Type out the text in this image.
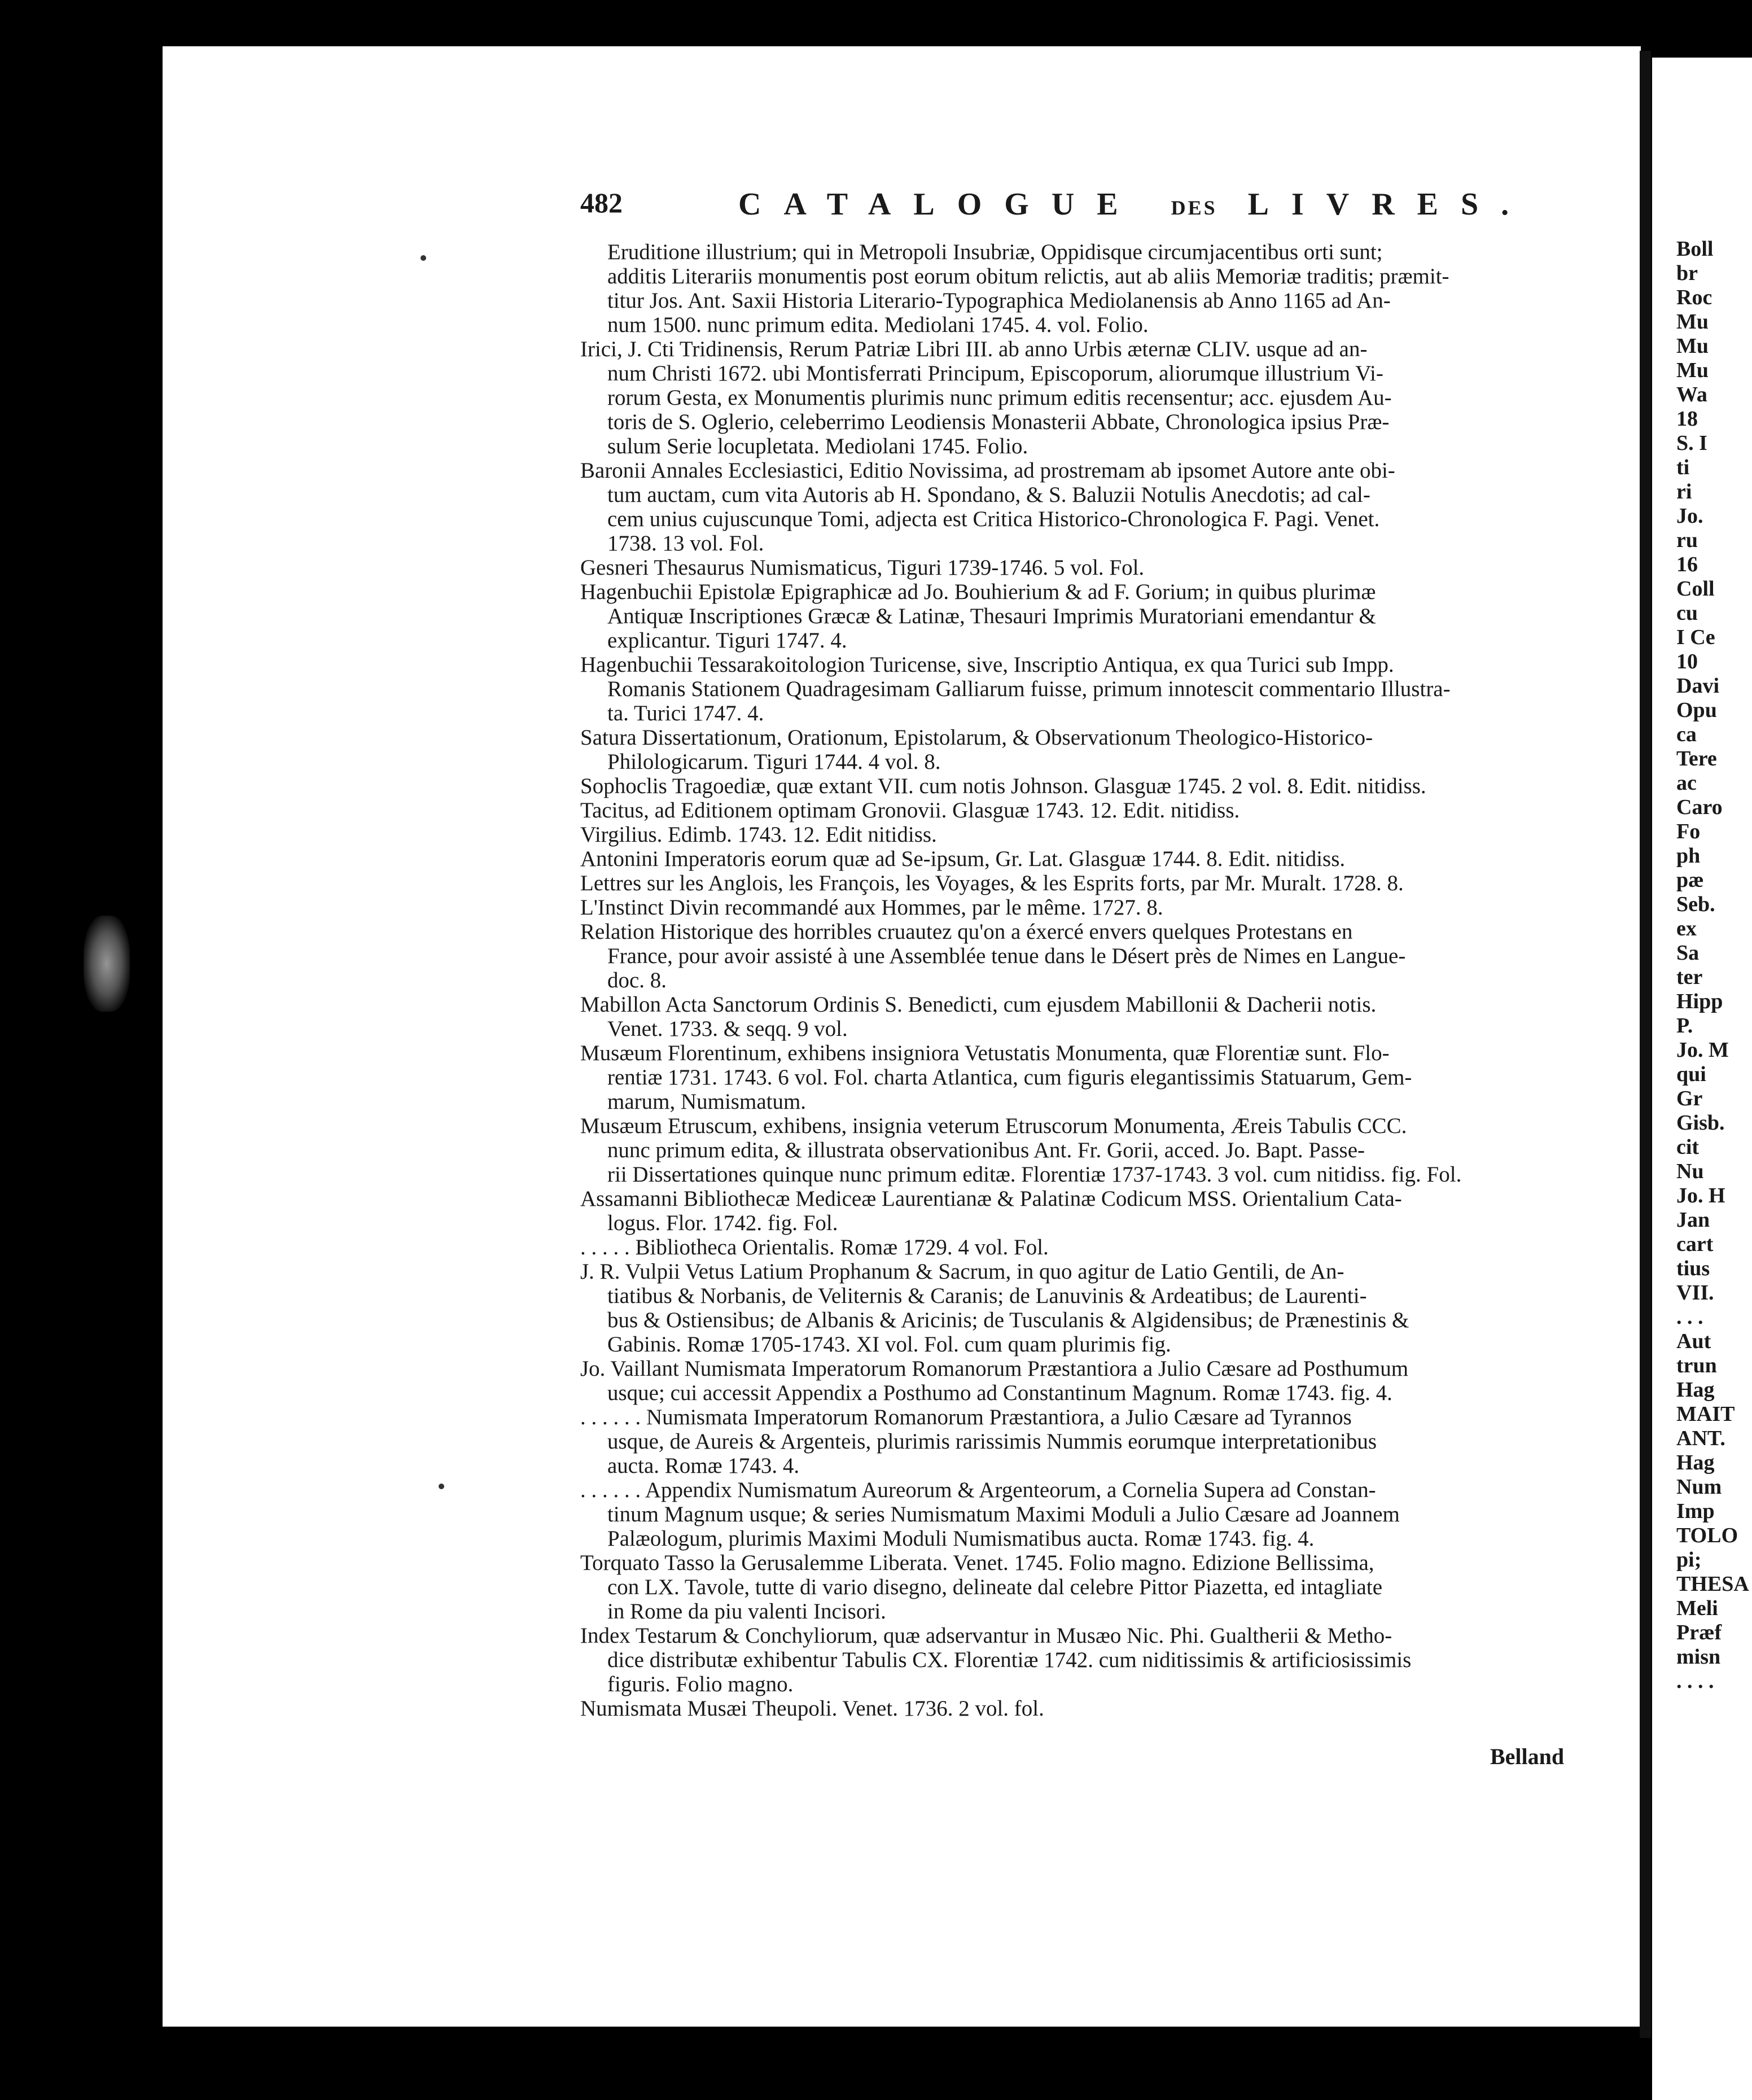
482	CATALOGUE DES LIVRES.
Eruditione illustrium; qui in Metropoli Insubriæ, Oppidisque circumjacentibus orti sunt;
additis Literariis monumentis post eorum obitum relictis, aut ab aliis Memoriæ traditis; præmit-
titur Jos. Ant. Saxii Historia Literario-Typographica Mediolanensis ab Anno 1165 ad An-
num 1500. nunc primum edita. Mediolani 1745. 4. vol. Folio.
Irici, J. Cti Tridinensis, Rerum Patriæ Libri III. ab anno Urbis æternæ CLIV. usque ad an-
num Christi 1672. ubi Montisferrati Principum, Episcoporum, aliorumque illustrium Vi-
rorum Gesta, ex Monumentis plurimis nunc primum editis recensentur; acc. ejusdem Au-
toris de S. Oglerio, celeberrimo Leodiensis Monasterii Abbate, Chronologica ipsius Præ-
sulum Serie locupletata. Mediolani 1745. Folio.
Baronii Annales Ecclesiastici, Editio Novissima, ad prostremam ab ipsomet Autore ante obi-
tum auctam, cum vita Autoris ab H. Spondano, & S. Baluzii Notulis Anecdotis; ad cal-
cem unius cujuscunque Tomi, adjecta est Critica Historico-Chronologica F. Pagi. Venet.
1738. 13 vol. Fol.
Gesneri Thesaurus Numismaticus, Tiguri 1739-1746. 5 vol. Fol.
Hagenbuchii Epistolæ Epigraphicæ ad Jo. Bouhierium & ad F. Gorium; in quibus plurimæ
Antiquæ Inscriptiones Græcæ & Latinæ, Thesauri Imprimis Muratoriani emendantur &
explicantur. Tiguri 1747. 4.
Hagenbuchii Tessarakoitologion Turicense, sive, Inscriptio Antiqua, ex qua Turici sub Impp.
Romanis Stationem Quadragesimam Galliarum fuisse, primum innotescit commentario Illustra-
ta. Turici 1747. 4.
Satura Dissertationum, Orationum, Epistolarum, & Observationum Theologico-Historico-
Philologicarum. Tiguri 1744. 4 vol. 8.
Sophoclis Tragoediæ, quæ extant VII. cum notis Johnson. Glasguæ 1745. 2 vol. 8. Edit. nitidiss.
Tacitus, ad Editionem optimam Gronovii. Glasguæ 1743. 12. Edit. nitidiss.
Virgilius. Edimb. 1743. 12. Edit nitidiss.
Antonini Imperatoris eorum quæ ad Se-ipsum, Gr. Lat. Glasguæ 1744. 8. Edit. nitidiss.
Lettres sur les Anglois, les François, les Voyages, & les Esprits forts, par Mr. Muralt. 1728. 8.
L'Instinct Divin recommandé aux Hommes, par le même. 1727. 8.
Relation Historique des horribles cruautez qu'on a éxercé envers quelques Protestans en
France, pour avoir assisté à une Assemblée tenue dans le Désert près de Nimes en Langue-
doc. 8.
Mabillon Acta Sanctorum Ordinis S. Benedicti, cum ejusdem Mabillonii & Dacherii notis.
Venet. 1733. & seqq. 9 vol.
Musæum Florentinum, exhibens insigniora Vetustatis Monumenta, quæ Florentiæ sunt. Flo-
rentiæ 1731. 1743. 6 vol. Fol. charta Atlantica, cum figuris elegantissimis Statuarum, Gem-
marum, Numismatum.
Musæum Etruscum, exhibens, insignia veterum Etruscorum Monumenta, Æreis Tabulis CCC.
nunc primum edita, & illustrata observationibus Ant. Fr. Gorii, acced. Jo. Bapt. Passe-
rii Dissertationes quinque nunc primum editæ. Florentiæ 1737-1743. 3 vol. cum nitidiss. fig. Fol.
Assamanni Bibliothecæ Mediceæ Laurentianæ & Palatinæ Codicum MSS. Orientalium Cata-
logus. Flor. 1742. fig. Fol.
. . . . . Bibliotheca Orientalis. Romæ 1729. 4 vol. Fol.
J. R. Vulpii Vetus Latium Prophanum & Sacrum, in quo agitur de Latio Gentili, de An-
tiatibus & Norbanis, de Veliternis & Caranis; de Lanuvinis & Ardeatibus; de Laurenti-
bus & Ostiensibus; de Albanis & Aricinis; de Tusculanis & Algidensibus; de Prænestinis &
Gabinis. Romæ 1705-1743. XI vol. Fol. cum quam plurimis fig.
Jo. Vaillant Numismata Imperatorum Romanorum Præstantiora a Julio Cæsare ad Posthumum
usque; cui accessit Appendix a Posthumo ad Constantinum Magnum. Romæ 1743. fig. 4.
. . . . . . Numismata Imperatorum Romanorum Præstantiora, a Julio Cæsare ad Tyrannos
usque, de Aureis & Argenteis, plurimis rarissimis Nummis eorumque interpretationibus
aucta. Romæ 1743. 4.
. . . . . . Appendix Numismatum Aureorum & Argenteorum, a Cornelia Supera ad Constan-
tinum Magnum usque; & series Numismatum Maximi Moduli a Julio Cæsare ad Joannem
Palæologum, plurimis Maximi Moduli Numismatibus aucta. Romæ 1743. fig. 4.
Torquato Tasso la Gerusalemme Liberata. Venet. 1745. Folio magno. Edizione Bellissima,
con LX. Tavole, tutte di vario disegno, delineate dal celebre Pittor Piazetta, ed intagliate
in Rome da piu valenti Incisori.
Index Testarum & Conchyliorum, quæ adservantur in Musæo Nic. Phi. Gualtherii & Metho-
dice distributæ exhibentur Tabulis CX. Florentiæ 1742. cum niditissimis & artificiosissimis
figuris. Folio magno.
Numismata Musæi Theupoli. Venet. 1736. 2 vol. fol.
Belland
Boll
br
Roc
Mu
Mu
Mu
Wa
18
S. I
ti
ri
Jo.
ru
16
Coll
cu
I Ce
10
Davi
Opu
ca
Tere
ac
Caro
Fo
ph
pæ
Seb.
ex
Sa
ter
Hipp
P.
Jo. M
qui
Gr
Gisb.
cit
Nu
Jo. H
Jan
cart
tius
VII.
. . .
Aut
trun
Hag
MAIT
ANT.
Hag
Num
Imp
TOLO
pi;
THESA
Meli
Præf
misn
. . . .
